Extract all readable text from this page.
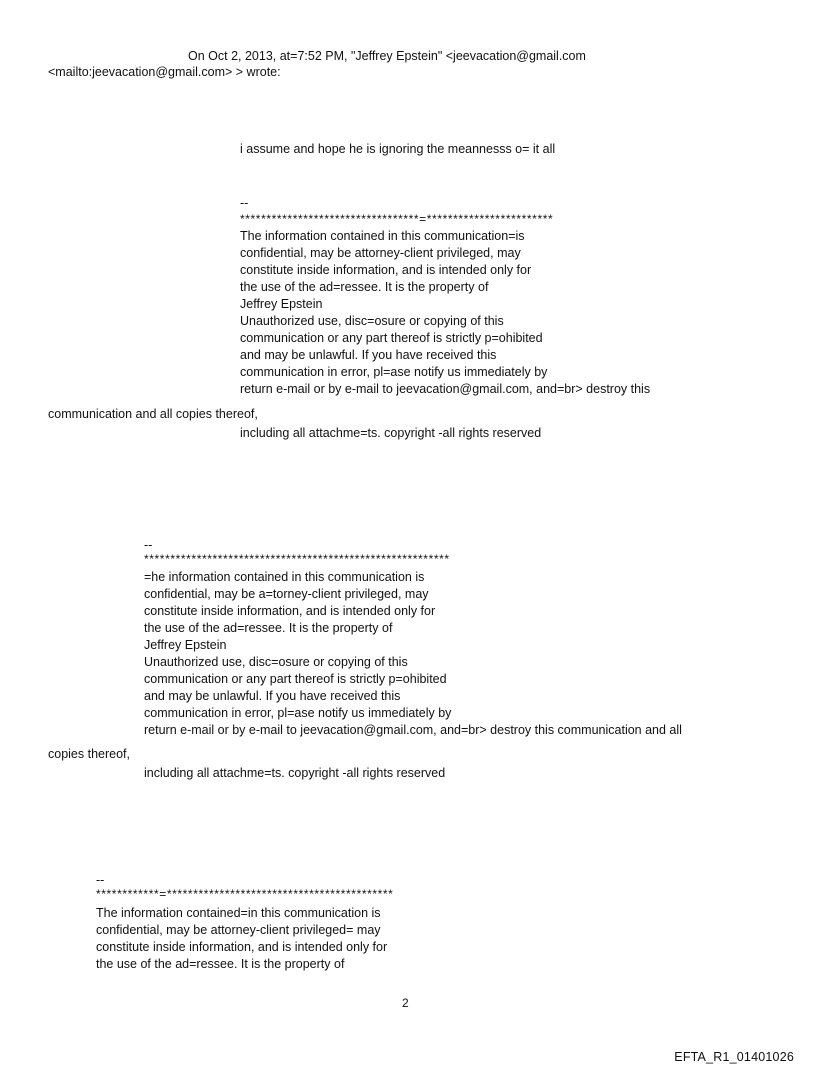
On Oct 2, 2013, at=7:52 PM, "Jeffrey Epstein" <jeevacation@gmail.com
<mailto:jeevacation@gmail.com> > wrote:
i assume and hope he is ignoring the meannesss o= it all
--
**********************************=************************
The information contained in this communication=is
confidential, may be attorney-client privileged, may
constitute inside information, and is intended only for
the use of the ad=ressee. It is the property of
Jeffrey Epstein
Unauthorized use, disc=osure or copying of this
communication or any part thereof is strictly p=ohibited
and may be unlawful. If you have received this
communication in error, pl=ase notify us immediately by
return e-mail or by e-mail to jeevacation@gmail.com, and=br> destroy this
communication and all copies thereof,
including all attachme=ts. copyright -all rights reserved
--
**********************************************************
=he information contained in this communication is
confidential, may be a=torney-client privileged, may
constitute inside information, and is intended only for
the use of the ad=ressee. It is the property of
Jeffrey Epstein
Unauthorized use, disc=osure or copying of this
communication or any part thereof is strictly p=ohibited
and may be unlawful. If you have received this
communication in error, pl=ase notify us immediately by
return e-mail or by e-mail to jeevacation@gmail.com, and=br> destroy this communication and all
copies thereof,
including all attachme=ts. copyright -all rights reserved
--
************=*******************************************
The information contained=in this communication is
confidential, may be attorney-client privileged= may
constitute inside information, and is intended only for
the use of the ad=ressee. It is the property of
2
EFTA_R1_01401026
